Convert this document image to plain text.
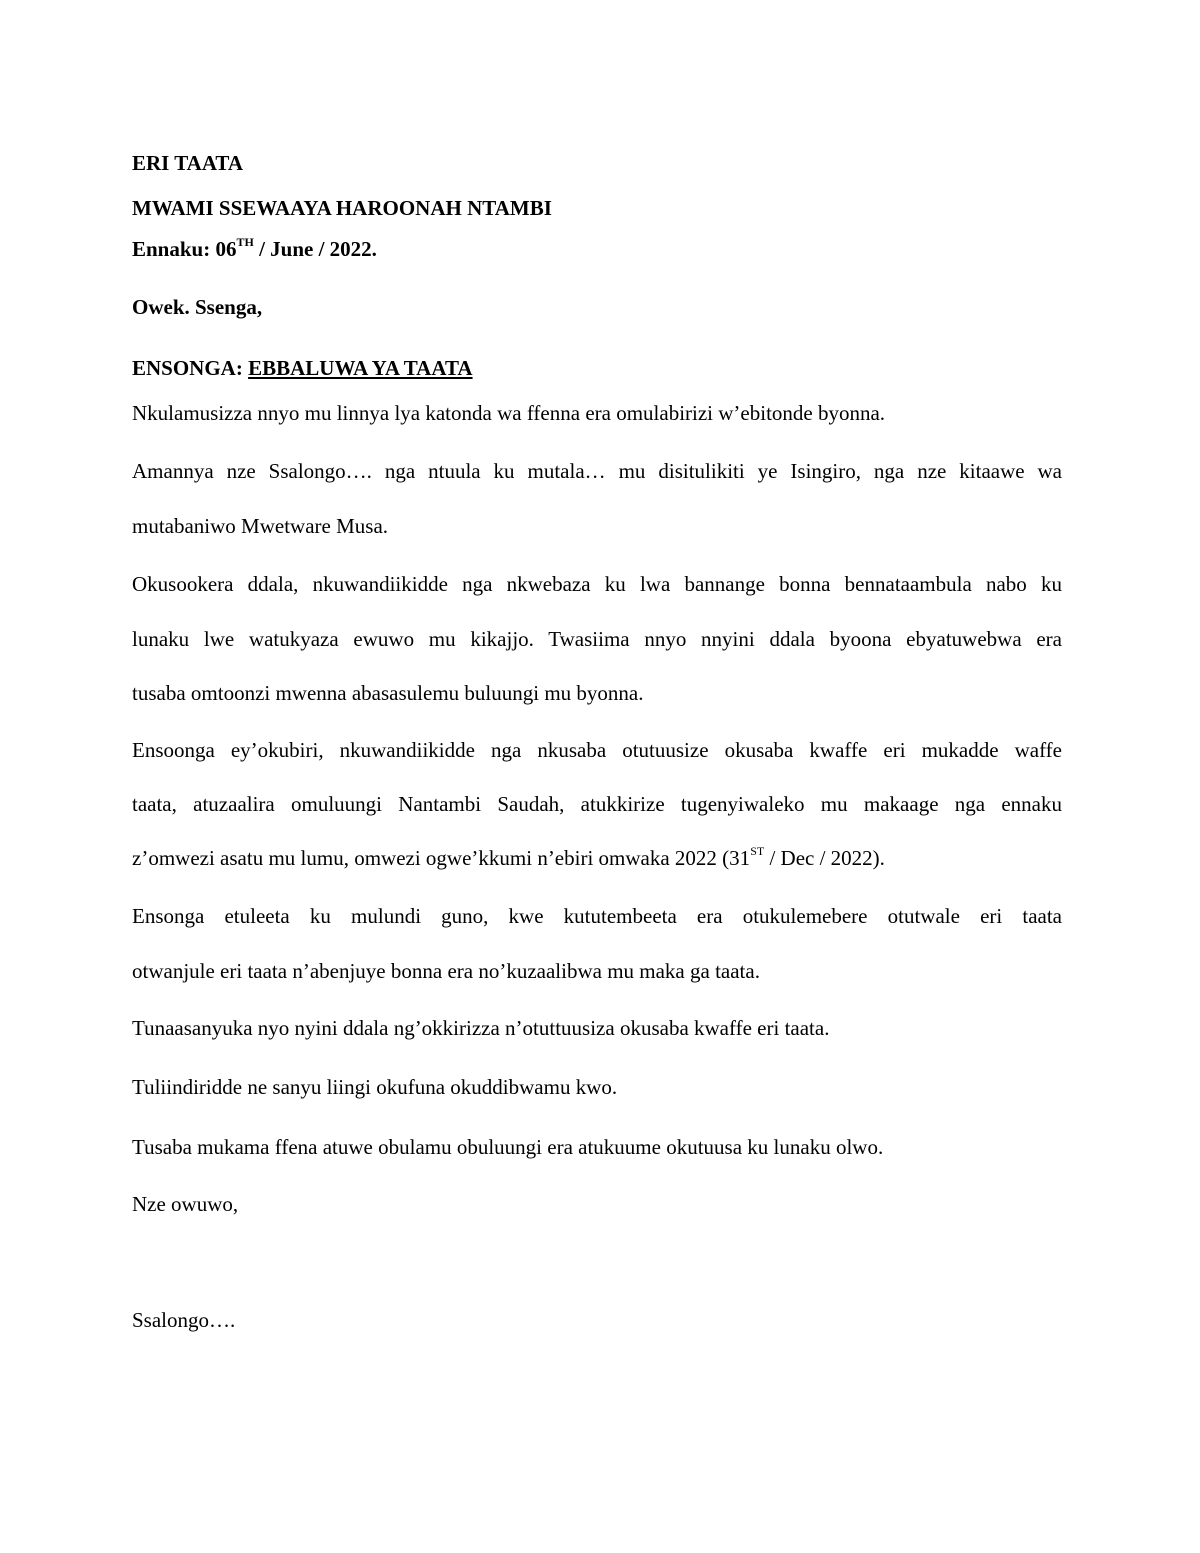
ERI TAATA
MWAMI SSEWAAYA HAROONAH NTAMBI
Ennaku: 06TH / June / 2022.
Owek. Ssenga,
ENSONGA: EBBALUWA YA TAATA
Nkulamusizza nnyo mu linnya lya katonda wa ffenna era omulabirizi w’ebitonde byonna.
Amannya nze Ssalongo…. nga ntuula ku mutala… mu disitulikiti ye Isingiro, nga nze kitaawe wa
mutabaniwo Mwetware Musa.
Okusookera ddala, nkuwandiikidde nga nkwebaza ku lwa bannange bonna bennataambula nabo ku
lunaku lwe watukyaza ewuwo mu kikajjo. Twasiima nnyo nnyini ddala byoona ebyatuwebwa era
tusaba omtoonzi mwenna abasasulemu buluungi mu byonna.
Ensoonga ey’okubiri, nkuwandiikidde nga nkusaba otutuusize okusaba kwaffe eri mukadde waffe
taata, atuzaalira omuluungi Nantambi Saudah, atukkirize tugenyiwaleko mu makaage nga ennaku
z’omwezi asatu mu lumu, omwezi ogwe’kkumi n’ebiri omwaka 2022 (31ST / Dec / 2022).
Ensonga etuleeta ku mulundi guno, kwe kututembeeta era otukulemebere otutwale eri taata
otwanjule eri taata n’abenjuye bonna era no’kuzaalibwa mu maka ga taata.
Tunaasanyuka nyo nyini ddala ng’okkirizza n’otuttuusiza okusaba kwaffe eri taata.
Tuliindiridde ne sanyu liingi okufuna okuddibwamu kwo.
Tusaba mukama ffena atuwe obulamu obuluungi era atukuume okutuusa ku lunaku olwo.
Nze owuwo,
Ssalongo….
